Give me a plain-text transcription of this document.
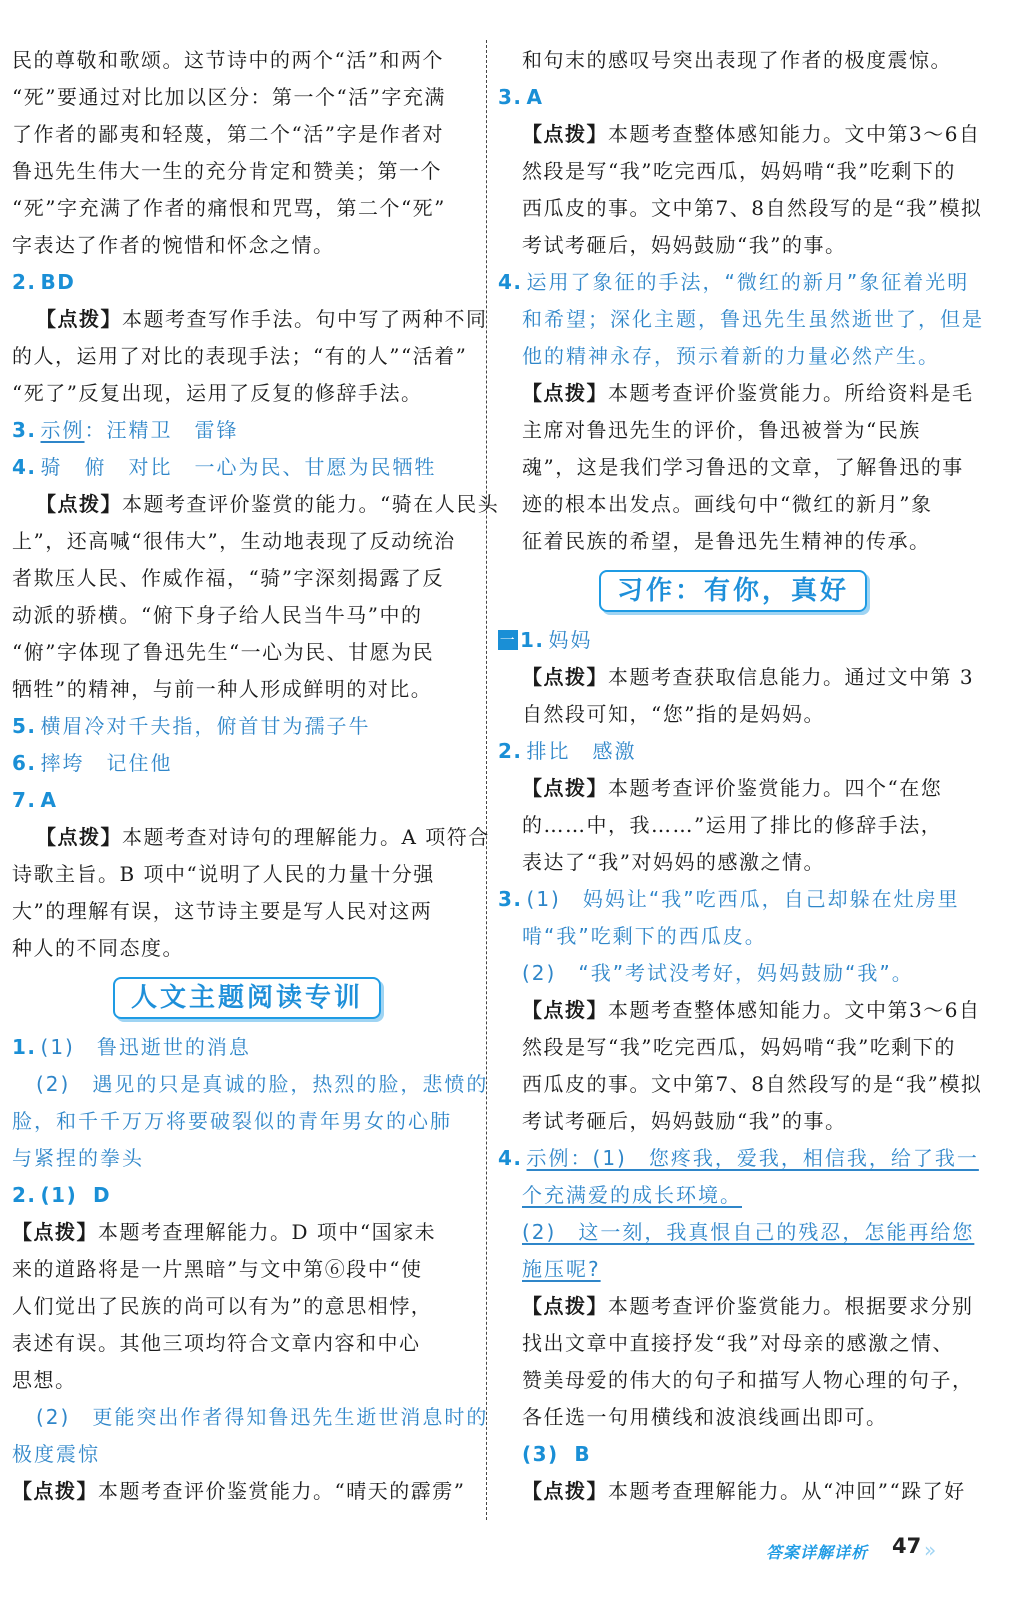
民的尊敬和歌颂。这节诗中的两个“活”和两个

“死”要通过对比加以区分：第一个“活”字充满

了作者的鄙夷和轻蔑，第二个“活”字是作者对

鲁迅先生伟大一生的充分肯定和赞美；第一个

“死”字充满了作者的痛恨和咒骂，第二个“死”

字表达了作者的惋惜和怀念之情。

2. BD

【点拨】本题考查写作手法。句中写了两种不同

的人，运用了对比的表现手法；“有的人”“活着”

“死了”反复出现，运用了反复的修辞手法。

3. 示例：汪精卫　雷锋

4. 骑　俯　对比　一心为民、甘愿为民牺牲

【点拨】本题考查评价鉴赏的能力。“骑在人民头

上”，还高喊“很伟大”，生动地表现了反动统治

者欺压人民、作威作福，“骑”字深刻揭露了反

动派的骄横。“俯下身子给人民当牛马”中的

“俯”字体现了鲁迅先生“一心为民、甘愿为民

牺牲”的精神，与前一种人形成鲜明的对比。

5. 横眉冷对千夫指，俯首甘为孺子牛

6. 摔垮　记住他

7. A

【点拨】本题考查对诗句的理解能力。A 项符合

诗歌主旨。B 项中“说明了人民的力量十分强

大”的理解有误，这节诗主要是写人民对这两

种人的不同态度。

人文主题阅读专训

1. (1)　鲁迅逝世的消息

(2)　遇见的只是真诚的脸，热烈的脸，悲愤的

脸，和千千万万将要破裂似的青年男女的心肺

与紧捏的拳头

2. (1) D

【点拨】本题考查理解能力。D 项中“国家未

来的道路将是一片黑暗”与文中第⑥段中“使

人们觉出了民族的尚可以有为”的意思相悖，

表述有误。其他三项均符合文章内容和中心

思想。

(2)　更能突出作者得知鲁迅先生逝世消息时的

极度震惊

【点拨】本题考查评价鉴赏能力。“晴天的霹雳”

和句末的感叹号突出表现了作者的极度震惊。

3. A

【点拨】本题考查整体感知能力。文中第3～6自

然段是写“我”吃完西瓜，妈妈啃“我”吃剩下的

西瓜皮的事。文中第7、8自然段写的是“我”模拟

考试考砸后，妈妈鼓励“我”的事。

4. 运用了象征的手法，“微红的新月”象征着光明

和希望；深化主题，鲁迅先生虽然逝世了，但是

他的精神永存，预示着新的力量必然产生。

【点拨】本题考查评价鉴赏能力。所给资料是毛

主席对鲁迅先生的评价，鲁迅被誉为“民族

魂”，这是我们学习鲁迅的文章，了解鲁迅的事

迹的根本出发点。画线句中“微红的新月”象

征着民族的希望，是鲁迅先生精神的传承。

习作：有你，真好

一 1. 妈妈

【点拨】本题考查获取信息能力。通过文中第 3

自然段可知，“您”指的是妈妈。

2. 排比　感激

【点拨】本题考查评价鉴赏能力。四个“在您

的……中，我……”运用了排比的修辞手法，

表达了“我”对妈妈的感激之情。

3. (1)　妈妈让“我”吃西瓜，自己却躲在灶房里

啃“我”吃剩下的西瓜皮。

(2)　“我”考试没考好，妈妈鼓励“我”。

【点拨】本题考查整体感知能力。文中第3～6自

然段是写“我”吃完西瓜，妈妈啃“我”吃剩下的

西瓜皮的事。文中第7、8自然段写的是“我”模拟

考试考砸后，妈妈鼓励“我”的事。

4. 示例：(1)　您疼我，爱我，相信我，给了我一

个充满爱的成长环境。

(2)　这一刻，我真恨自己的残忍，怎能再给您

施压呢?

【点拨】本题考查评价鉴赏能力。根据要求分别

找出文章中直接抒发“我”对母亲的感激之情、

赞美母爱的伟大的句子和描写人物心理的句子，

各任选一句用横线和波浪线画出即可。

(3) B

【点拨】本题考查理解能力。从“冲回”“跺了好

答案详解详析 47 »
